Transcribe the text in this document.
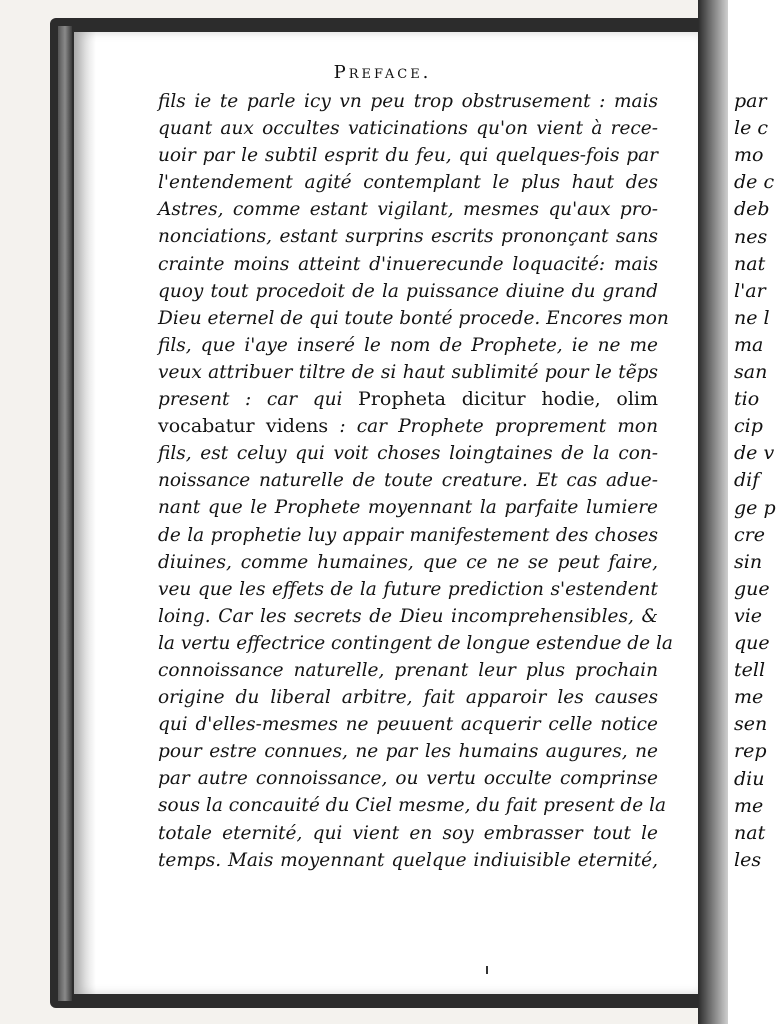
Preface.
fils ie te parle icy vn peu trop obstrusement : mais
quant aux occultes vaticinations qu'on vient à rece-
uoir par le subtil esprit du feu, qui quelques-fois par
l'entendement agité contemplant le plus haut des
Astres, comme estant vigilant, mesmes qu'aux pro-
nonciations, estant surprins escrits prononçant sans
crainte moins atteint d'inuerecunde loquacité: mais
quoy tout procedoit de la puissance diuine du grand
Dieu eternel de qui toute bonté procede. Encores mon
fils, que i'aye inseré le nom de Prophete, ie ne me
veux attribuer tiltre de si haut sublimité pour le tẽps
present : car qui Propheta dicitur hodie, olim
vocabatur videns : car Prophete proprement mon
fils, est celuy qui voit choses loingtaines de la con-
noissance naturelle de toute creature. Et cas adue-
nant que le Prophete moyennant la parfaite lumiere
de la prophetie luy appair manifestement des choses
diuines, comme humaines, que ce ne se peut faire,
veu que les effets de la future prediction s'estendent
loing. Car les secrets de Dieu incomprehensibles, &
la vertu effectrice contingent de longue estendue de la
connoissance naturelle, prenant leur plus prochain
origine du liberal arbitre, fait apparoir les causes
qui d'elles-mesmes ne peuuent acquerir celle notice
pour estre connues, ne par les humains augures, ne
par autre connoissance, ou vertu occulte comprinse
sous la concauité du Ciel mesme, du fait present de la
totale eternité, qui vient en soy embrasser tout le
temps. Mais moyennant quelque indiuisible eternité,
par
le c
mo
de c
deb
nes
nat
l'ar
ne l
ma
san
tio
cip
de v
dif
ge p
cre
sin
gue
vie
que
tell
me
sen
rep
diu
me
nat
les
